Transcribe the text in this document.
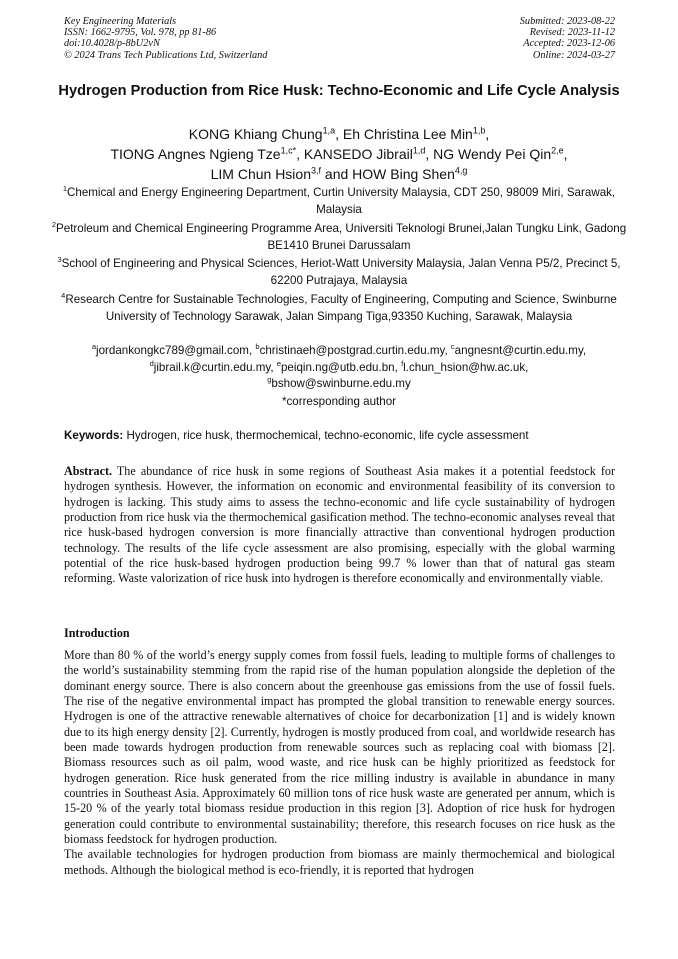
Key Engineering Materials
ISSN: 1662-9795, Vol. 978, pp 81-86
doi:10.4028/p-8bU2vN
© 2024 Trans Tech Publications Ltd, Switzerland
Submitted: 2023-08-22
Revised: 2023-11-12
Accepted: 2023-12-06
Online: 2024-03-27
Hydrogen Production from Rice Husk: Techno-Economic and Life Cycle Analysis
KONG Khiang Chung$^{1,a}$, Eh Christina Lee Min$^{1,b}$,
TIONG Angnes Ngieng Tze$^{1,c*}$, KANSEDO Jibrail$^{1,d}$, NG Wendy Pei Qin$^{2,e}$,
LIM Chun Hsion$^{3,f}$ and HOW Bing Shen$^{4,g}$
$^1$Chemical and Energy Engineering Department, Curtin University Malaysia, CDT 250, 98009 Miri, Sarawak, Malaysia
$^2$Petroleum and Chemical Engineering Programme Area, Universiti Teknologi Brunei,Jalan Tungku Link, Gadong BE1410 Brunei Darussalam
$^3$School of Engineering and Physical Sciences, Heriot-Watt University Malaysia, Jalan Venna P5/2, Precinct 5, 62200 Putrajaya, Malaysia
$^4$Research Centre for Sustainable Technologies, Faculty of Engineering, Computing and Science, Swinburne University of Technology Sarawak, Jalan Simpang Tiga,93350 Kuching, Sarawak, Malaysia
$^a$jordankongkc789@gmail.com, $^b$christinaeh@postgrad.curtin.edu.my, $^c$angnesnt@curtin.edu.my,
$^d$jibrail.k@curtin.edu.my, $^e$peiqin.ng@utb.edu.bn, $^f$l.chun_hsion@hw.ac.uk,
$^g$bshow@swinburne.edu.my
*corresponding author
Keywords: Hydrogen, rice husk, thermochemical, techno-economic, life cycle assessment
Abstract. The abundance of rice husk in some regions of Southeast Asia makes it a potential feedstock for hydrogen synthesis. However, the information on economic and environmental feasibility of its conversion to hydrogen is lacking. This study aims to assess the techno-economic and life cycle sustainability of hydrogen production from rice husk via the thermochemical gasification method. The techno-economic analyses reveal that rice husk-based hydrogen conversion is more financially attractive than conventional hydrogen production technology. The results of the life cycle assessment are also promising, especially with the global warming potential of the rice husk-based hydrogen production being 99.7 % lower than that of natural gas steam reforming. Waste valorization of rice husk into hydrogen is therefore economically and environmentally viable.
Introduction
More than 80 % of the world’s energy supply comes from fossil fuels, leading to multiple forms of challenges to the world’s sustainability stemming from the rapid rise of the human population alongside the depletion of the dominant energy source. There is also concern about the greenhouse gas emissions from the use of fossil fuels. The rise of the negative environmental impact has prompted the global transition to renewable energy sources. Hydrogen is one of the attractive renewable alternatives of choice for decarbonization [1] and is widely known due to its high energy density [2]. Currently, hydrogen is mostly produced from coal, and worldwide research has been made towards hydrogen production from renewable sources such as replacing coal with biomass [2]. Biomass resources such as oil palm, wood waste, and rice husk can be highly prioritized as feedstock for hydrogen generation. Rice husk generated from the rice milling industry is available in abundance in many countries in Southeast Asia. Approximately 60 million tons of rice husk waste are generated per annum, which is 15-20 % of the yearly total biomass residue production in this region [3]. Adoption of rice husk for hydrogen generation could contribute to environmental sustainability; therefore, this research focuses on rice husk as the biomass feedstock for hydrogen production.
The available technologies for hydrogen production from biomass are mainly thermochemical and biological methods. Although the biological method is eco-friendly, it is reported that hydrogen
